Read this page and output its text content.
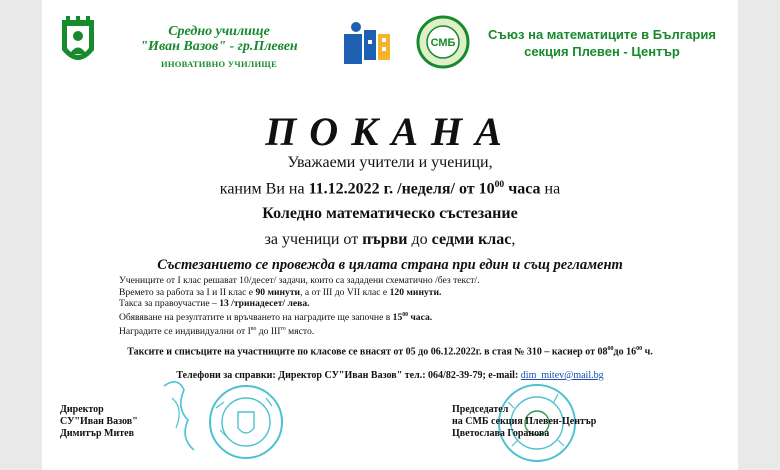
Средно училище
"Иван Вазов" - гр.Плевен
ИНОВАТИВНО УЧИЛИЩЕ
СМБ
Съюз на математиците в България
секция Плевен - Център
ПОКАНА
Уважаеми учители и ученици,
каним Ви на 11.12.2022 г. /неделя/ от $10^{00}$ часа на
Коледно математическо състезание
за ученици от първи до седми клас,
Състезанието се провежда в цялата страна при един и същ регламент
Учениците от I клас решават 10/десет/ задачи, които са зададени схематично /без текст/.
Времето за работа за I и II клас е 90 минути, а от III до VII клас е 120 минути.
Такса за правоучастие – 13 /тринадесет/ лева.
Обявяване на резултатите и връчването на наградите ще започне в $15^{00}$ часа.
Наградите се индивидуални от $I^{во}$ до $III^{то}$ място.
Таксите и списъците на участниците по класове се внасят от 05 до 06.12.2022г. в стая № 310 – касиер от $08^{00}до$ $16^{00}$ ч.
Телефони за справки: Директор СУ"Иван Вазов" тел.: 064/82-39-79; e-mail: dim_mitev@mail.bg
Директор
СУ"Иван Вазов"
Димитър Митев
Председател
на СМБ секция Плевен-Център
Цветослава Горанова
